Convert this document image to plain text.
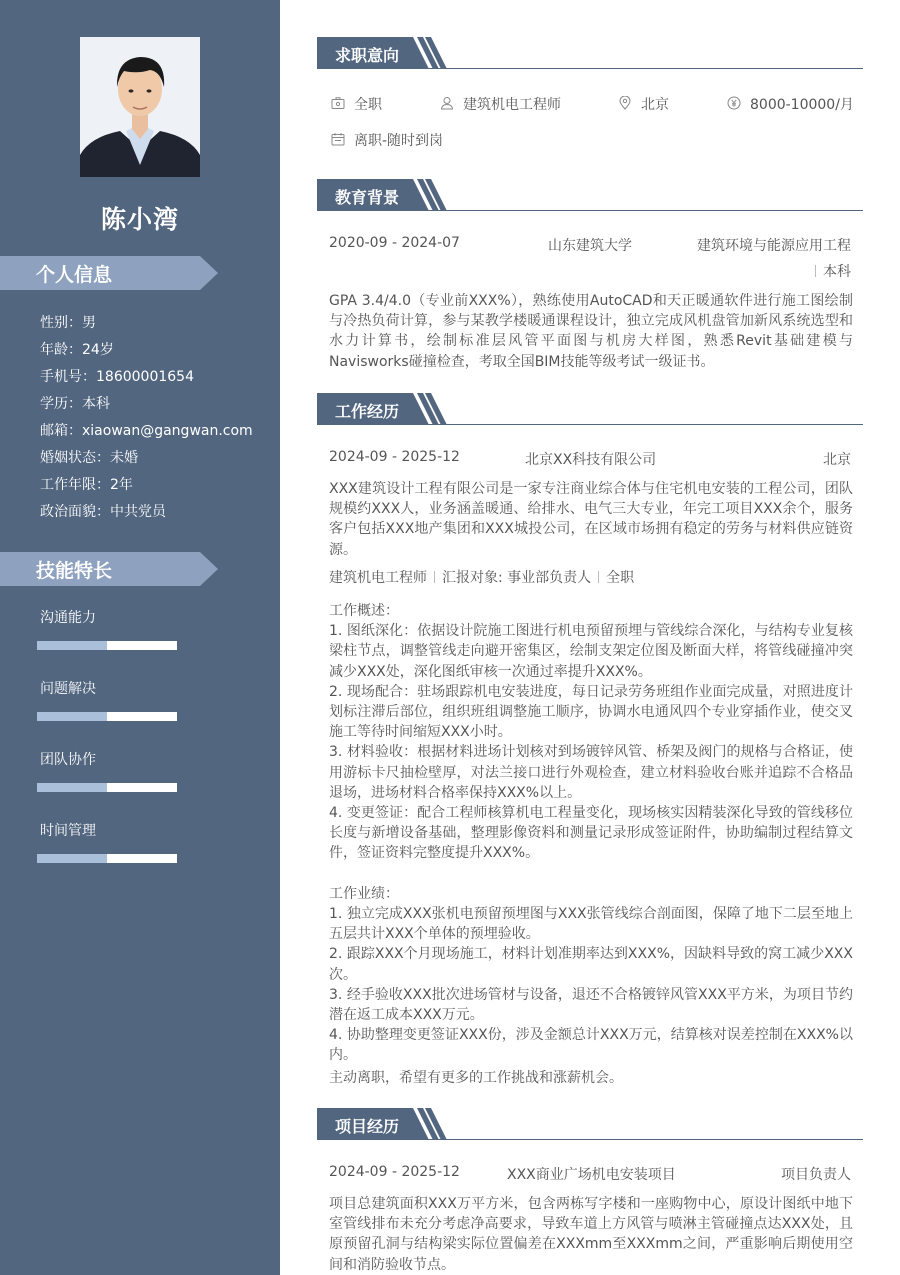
陈小湾
个人信息
性别：男
年龄：24岁
手机号：18600001654
学历：本科
邮箱：xiaowan@gangwan.com
婚姻状态：未婚
工作年限：2年
政治面貌：中共党员
技能特长
沟通能力
问题解决
团队协作
时间管理
求职意向
全职	建筑机电工程师	北京	8000-10000/月
离职-随时到岗
教育背景
2020-09 - 2024-07	山东建筑大学	建筑环境与能源应用工程
本科
GPA 3.4/4.0（专业前XXX%），熟练使用AutoCAD和天正暖通软件进行施工图绘制与冷热负荷计算，参与某教学楼暖通课程设计，独立完成风机盘管加新风系统选型和水力计算书，绘制标准层风管平面图与机房大样图，熟悉Revit基础建模与Navisworks碰撞检查，考取全国BIM技能等级考试一级证书。
工作经历
2024-09 - 2025-12	北京XX科技有限公司	北京
XXX建筑设计工程有限公司是一家专注商业综合体与住宅机电安装的工程公司，团队规模约XXX人，业务涵盖暖通、给排水、电气三大专业，年完工项目XXX余个，服务客户包括XXX地产集团和XXX城投公司，在区域市场拥有稳定的劳务与材料供应链资源。
建筑机电工程师 汇报对象: 事业部负责人 全职
工作概述：
1. 图纸深化：依据设计院施工图进行机电预留预埋与管线综合深化，与结构专业复核梁柱节点，调整管线走向避开密集区，绘制支架定位图及断面大样，将管线碰撞冲突减少XXX处，深化图纸审核一次通过率提升XXX%。
2. 现场配合：驻场跟踪机电安装进度，每日记录劳务班组作业面完成量，对照进度计划标注滞后部位，组织班组调整施工顺序，协调水电通风四个专业穿插作业，使交叉施工等待时间缩短XXX小时。
3. 材料验收：根据材料进场计划核对到场镀锌风管、桥架及阀门的规格与合格证，使用游标卡尺抽检壁厚，对法兰接口进行外观检查，建立材料验收台账并追踪不合格品退场，进场材料合格率保持XXX%以上。
4. 变更签证：配合工程师核算机电工程量变化，现场核实因精装深化导致的管线移位长度与新增设备基础，整理影像资料和测量记录形成签证附件，协助编制过程结算文件，签证资料完整度提升XXX%。
工作业绩：
1. 独立完成XXX张机电预留预埋图与XXX张管线综合剖面图，保障了地下二层至地上五层共计XXX个单体的预埋验收。
2. 跟踪XXX个月现场施工，材料计划准期率达到XXX%，因缺料导致的窝工减少XXX次。
3. 经手验收XXX批次进场管材与设备，退还不合格镀锌风管XXX平方米，为项目节约潜在返工成本XXX万元。
4. 协助整理变更签证XXX份，涉及金额总计XXX万元，结算核对误差控制在XXX%以内。
主动离职，希望有更多的工作挑战和涨薪机会。
项目经历
2024-09 - 2025-12	XXX商业广场机电安装项目	项目负责人
项目总建筑面积XXX万平方米，包含两栋写字楼和一座购物中心，原设计图纸中地下室管线排布未充分考虑净高要求，导致车道上方风管与喷淋主管碰撞点达XXX处，且原预留孔洞与结构梁实际位置偏差在XXXmm至XXXmm之间，严重影响后期使用空间和消防验收节点。
